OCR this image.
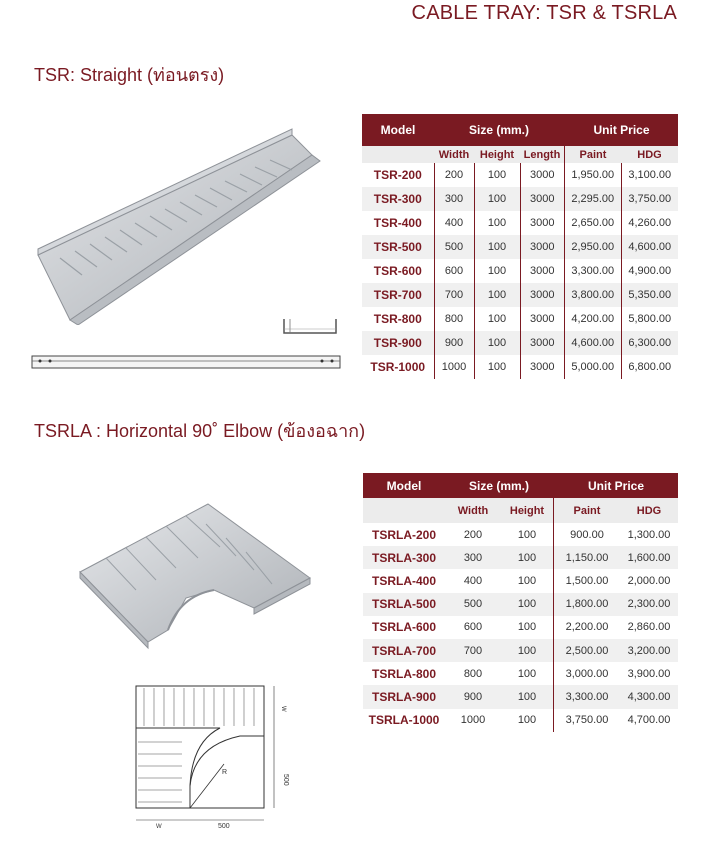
CABLE TRAY: TSR & TSRLA
TSR: Straight (ท่อนตรง)
Model	Size (mm.)			Unit Price	
	Width	Height	Length	Paint	HDG
TSR-200	200	100	3000	1,950.00	3,100.00
TSR-300	300	100	3000	2,295.00	3,750.00
TSR-400	400	100	3000	2,650.00	4,260.00
TSR-500	500	100	3000	2,950.00	4,600.00
TSR-600	600	100	3000	3,300.00	4,900.00
TSR-700	700	100	3000	3,800.00	5,350.00
TSR-800	800	100	3000	4,200.00	5,800.00
TSR-900	900	100	3000	4,600.00	6,300.00
TSR-1000	1000	100	3000	5,000.00	6,800.00
TSRLA : Horizontal 90˚ Elbow (ข้องอฉาก)
R
W	500
500
W
Model	Size (mm.)		Unit Price	
	Width	Height	Paint	HDG
TSRLA-200	200	100	900.00	1,300.00
TSRLA-300	300	100	1,150.00	1,600.00
TSRLA-400	400	100	1,500.00	2,000.00
TSRLA-500	500	100	1,800.00	2,300.00
TSRLA-600	600	100	2,200.00	2,860.00
TSRLA-700	700	100	2,500.00	3,200.00
TSRLA-800	800	100	3,000.00	3,900.00
TSRLA-900	900	100	3,300.00	4,300.00
TSRLA-1000	1000	100	3,750.00	4,700.00
